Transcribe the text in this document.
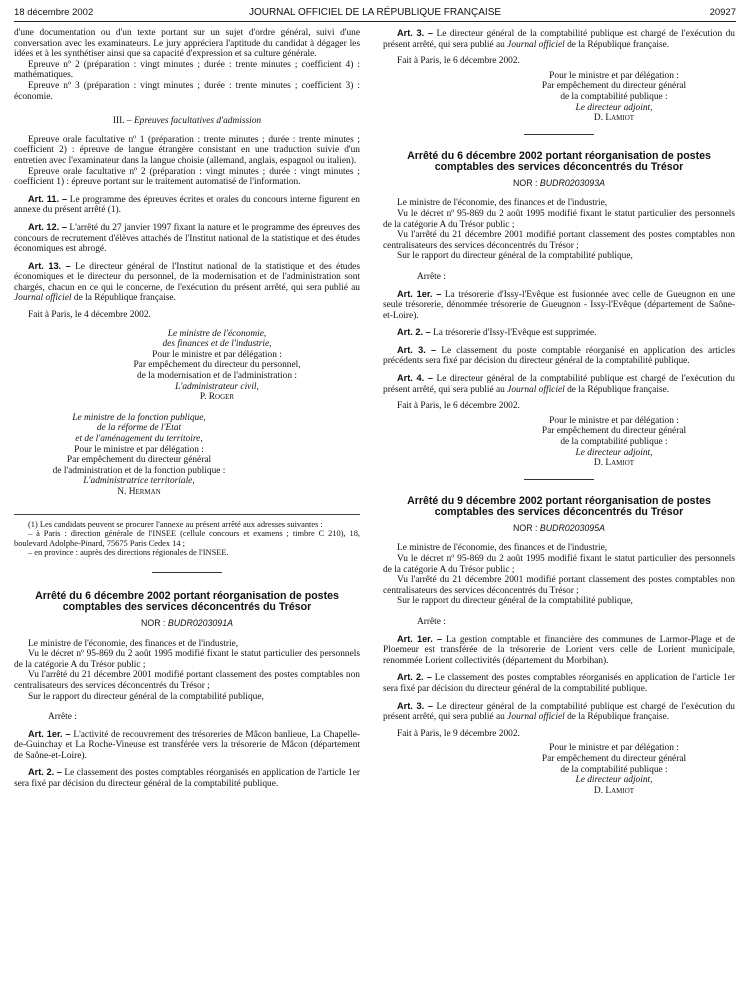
18 décembre 2002	JOURNAL OFFICIEL DE LA RÉPUBLIQUE FRANÇAISE	20927

d'une documentation ou d'un texte portant sur un sujet d'ordre général, suivi d'une conversation avec les examinateurs. Le jury appréciera l'aptitude du candidat à dégager les idées et à les synthétiser ainsi que sa capacité d'expression et sa culture générale.

Epreuve nº 2 (préparation : vingt minutes ; durée : trente minutes ; coefficient 4) : mathématiques.

Epreuve nº 3 (préparation : vingt minutes ; durée : trente minutes ; coefficient 3) : économie.

III. – Epreuves facultatives d'admission

Epreuve orale facultative nº 1 (préparation : trente minutes ; durée : trente minutes ; coefficient 2) : épreuve de langue étrangère consistant en une traduction suivie d'un entretien avec l'examinateur dans la langue choisie (allemand, anglais, espagnol ou italien).

Epreuve orale facultative nº 2 (préparation : vingt minutes ; durée : vingt minutes ; coefficient 1) : épreuve portant sur le traitement automatisé de l'information.

Art. 11. – Le programme des épreuves écrites et orales du concours interne figurent en annexe du présent arrêté (1).

Art. 12. – L'arrêté du 27 janvier 1997 fixant la nature et le programme des épreuves des concours de recrutement d'élèves attachés de l'Institut national de la statistique et des études économiques est abrogé.

Art. 13. – Le directeur général de l'Institut national de la statistique et des études économiques et le directeur du personnel, de la modernisation et de l'administration sont chargés, chacun en ce qui le concerne, de l'exécution du présent arrêté, qui sera publié au Journal officiel de la République française.

Fait à Paris, le 4 décembre 2002.

Le ministre de l'économie,

des finances et de l'industrie,

Pour le ministre et par délégation :

Par empêchement du directeur du personnel,

de la modernisation et de l'administration :

L'administrateur civil,

P. Roger

Le ministre de la fonction publique,

de la réforme de l'Etat

et de l'aménagement du territoire,

Pour le ministre et par délégation :

Par empêchement du directeur général

de l'administration et de la fonction publique :

L'administratrice territoriale,

N. Herman

(1) Les candidats peuvent se procurer l'annexe au présent arrêté aux adresses suivantes :

– à Paris : direction générale de l'INSEE (cellule concours et examens ; timbre C 210), 18, boulevard Adolphe-Pinard, 75675 Paris Cedex 14 ;

– en province : auprès des directions régionales de l'INSEE.

Arrêté du 6 décembre 2002 portant réorganisation de postes comptables des services déconcentrés du Trésor
NOR : BUDR0203091A

Le ministre de l'économie, des finances et de l'industrie,

Vu le décret nº 95-869 du 2 août 1995 modifié fixant le statut particulier des personnels de la catégorie A du Trésor public ;

Vu l'arrêté du 21 décembre 2001 modifié portant classement des postes comptables non centralisateurs des services déconcentrés du Trésor ;

Sur le rapport du directeur général de la comptabilité publique,

Arrête :

Art. 1er. – L'activité de recouvrement des trésoreries de Mâcon banlieue, La Chapelle-de-Guinchay et La Roche-Vineuse est transférée vers la trésorerie de Mâcon (département de Saône-et-Loire).

Art. 2. – Le classement des postes comptables réorganisés en application de l'article 1er sera fixé par décision du directeur général de la comptabilité publique.

Art. 3. – Le directeur général de la comptabilité publique est chargé de l'exécution du présent arrêté, qui sera publié au Journal officiel de la République française.

Fait à Paris, le 6 décembre 2002.

Pour le ministre et par délégation :

Par empêchement du directeur général

de la comptabilité publique :

Le directeur adjoint,

D. Lamiot

Arrêté du 6 décembre 2002 portant réorganisation de postes comptables des services déconcentrés du Trésor
NOR : BUDR0203093A

Le ministre de l'économie, des finances et de l'industrie,

Vu le décret nº 95-869 du 2 août 1995 modifié fixant le statut particulier des personnels de la catégorie A du Trésor public ;

Vu l'arrêté du 21 décembre 2001 modifié portant classement des postes comptables non centralisateurs des services déconcentrés du Trésor ;

Sur le rapport du directeur général de la comptabilité publique,

Arrête :

Art. 1er. – La trésorerie d'Issy-l'Evêque est fusionnée avec celle de Gueugnon en une seule trésorerie, dénommée trésorerie de Gueugnon - Issy-l'Evêque (département de Saône-et-Loire).

Art. 2. – La trésorerie d'Issy-l'Evêque est supprimée.

Art. 3. – Le classement du poste comptable réorganisé en application des articles précédents sera fixé par décision du directeur général de la comptabilité publique.

Art. 4. – Le directeur général de la comptabilité publique est chargé de l'exécution du présent arrêté, qui sera publié au Journal officiel de la République française.

Fait à Paris, le 6 décembre 2002.

Pour le ministre et par délégation :

Par empêchement du directeur général

de la comptabilité publique :

Le directeur adjoint,

D. Lamiot

Arrêté du 9 décembre 2002 portant réorganisation de postes comptables des services déconcentrés du Trésor
NOR : BUDR0203095A

Le ministre de l'économie, des finances et de l'industrie,

Vu le décret nº 95-869 du 2 août 1995 modifié fixant le statut particulier des personnels de la catégorie A du Trésor public ;

Vu l'arrêté du 21 décembre 2001 modifié portant classement des postes comptables non centralisateurs des services déconcentrés du Trésor ;

Sur le rapport du directeur général de la comptabilité publique,

Arrête :

Art. 1er. – La gestion comptable et financière des communes de Larmor-Plage et de Ploemeur est transférée de la trésorerie de Lorient vers celle de Lorient municipale, renommée Lorient collectivités (département du Morbihan).

Art. 2. – Le classement des postes comptables réorganisés en application de l'article 1er sera fixé par décision du directeur général de la comptabilité publique.

Art. 3. – Le directeur général de la comptabilité publique est chargé de l'exécution du présent arrêté, qui sera publié au Journal officiel de la République française.

Fait à Paris, le 9 décembre 2002.

Pour le ministre et par délégation :

Par empêchement du directeur général

de la comptabilité publique :

Le directeur adjoint,

D. Lamiot
